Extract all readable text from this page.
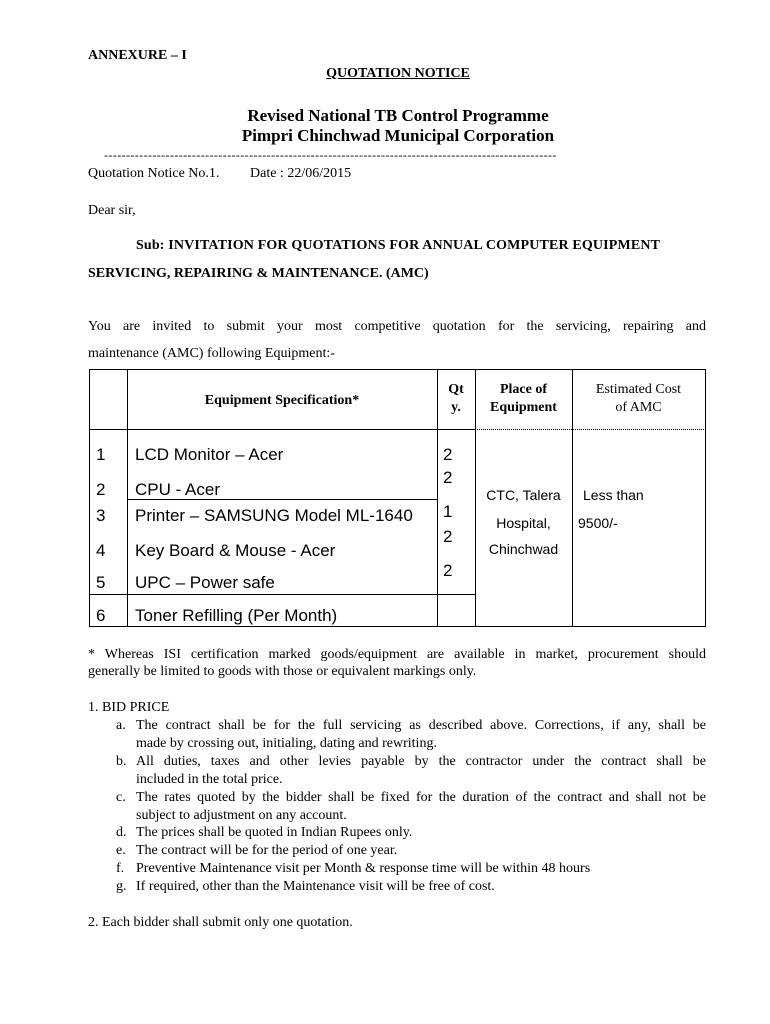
ANNEXURE – I
QUOTATION NOTICE
Revised National TB Control Programme
Pimpri Chinchwad Municipal Corporation
-------------------------------------------------------------------------------------------------------
Quotation Notice No.1. Date : 22/06/2015
Dear sir,
Sub: INVITATION FOR QUOTATIONS FOR ANNUAL COMPUTER EQUIPMENT
SERVICING, REPAIRING & MAINTENANCE. (AMC)
You are invited to submit your most competitive quotation for the servicing, repairing and
maintenance (AMC) following Equipment:-
Equipment Specification*
Qt
y.
Place of
Equipment
Estimated Cost
of AMC
1
2
3
4
5
6
LCD Monitor – Acer
CPU - Acer
Printer – SAMSUNG Model ML-1640
Key Board & Mouse - Acer
UPC – Power safe
Toner Refilling (Per Month)
2
2
1
2
2
CTC, Talera
Hospital,
Chinchwad
Less than
9500/-
* Whereas ISI certification marked goods/equipment are available in market, procurement should
generally be limited to goods with those or equivalent markings only.
1. BID PRICE
a. The contract shall be for the full servicing as described above. Corrections, if any, shall be
made by crossing out, initialing, dating and rewriting.
b. All duties, taxes and other levies payable by the contractor under the contract shall be
included in the total price.
c. The rates quoted by the bidder shall be fixed for the duration of the contract and shall not be
subject to adjustment on any account.
d. The prices shall be quoted in Indian Rupees only.
e. The contract will be for the period of one year.
f. Preventive Maintenance visit per Month & response time will be within 48 hours
g. If required, other than the Maintenance visit will be free of cost.
2. Each bidder shall submit only one quotation.
